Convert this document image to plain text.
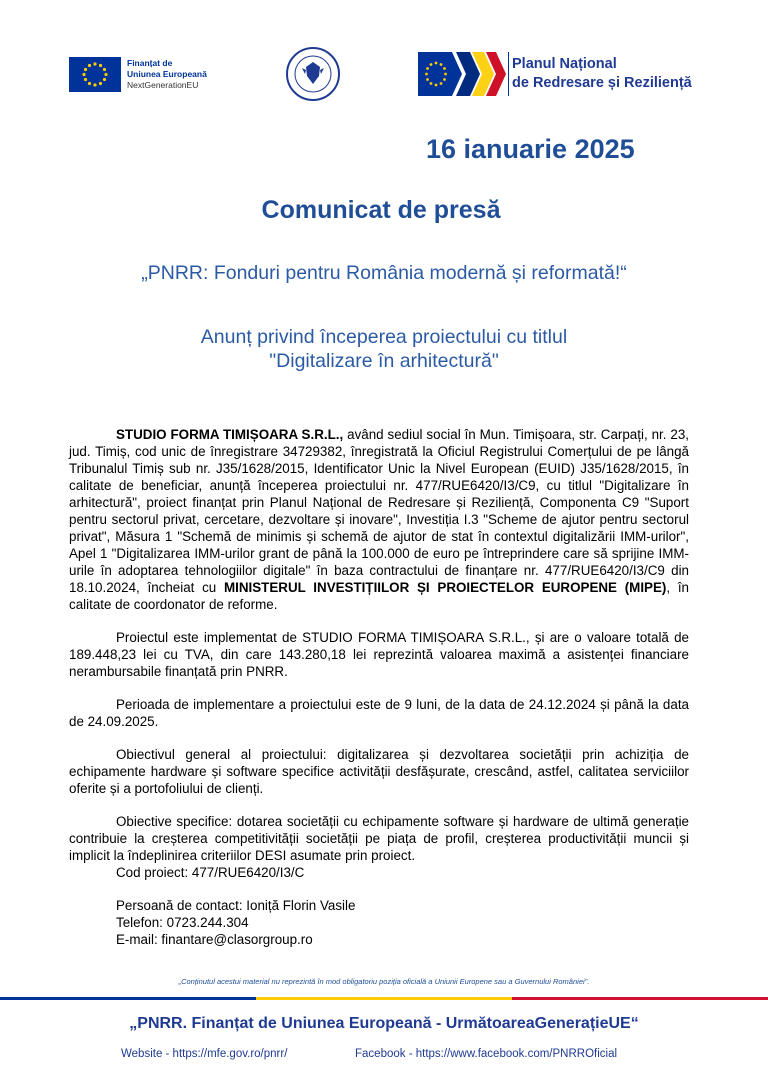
Finanțat de
Uniunea Europeană
NextGenerationEU
Planul Național
de Redresare și Reziliență
16 ianuarie 2025
Comunicat de presă
„PNRR: Fonduri pentru România modernă și reformată!“
Anunț privind începerea proiectului cu titlul
"Digitalizare în arhitectură"

STUDIO FORMA TIMIȘOARA S.R.L., având sediul social în Mun. Timișoara, str. Carpați, nr. 23, jud. Timiș, cod unic de înregistrare 34729382, înregistrată la Oficiul Registrului Comerțului de pe lângă Tribunalul Timiș sub nr. J35/1628/2015, Identificator Unic la Nivel European (EUID) J35/1628/2015, în calitate de beneficiar, anunță începerea proiectului nr. 477/RUE6420/I3/C9, cu titlul "Digitalizare în arhitectură", proiect finanțat prin Planul Național de Redresare și Reziliență, Componenta C9 "Suport pentru sectorul privat, cercetare, dezvoltare și inovare", Investiția I.3 "Scheme de ajutor pentru sectorul privat", Măsura 1 "Schemă de minimis și schemă de ajutor de stat în contextul digitalizării IMM-urilor", Apel 1 "Digitalizarea IMM-urilor grant de până la 100.000 de euro pe întreprindere care să sprijine IMM-urile în adoptarea tehnologiilor digitale" în baza contractului de finanțare nr. 477/RUE6420/I3/C9 din 18.10.2024, încheiat cu MINISTERUL INVESTIȚIILOR ȘI PROIECTELOR EUROPENE (MIPE), în calitate de coordonator de reforme.

Proiectul este implementat de STUDIO FORMA TIMIȘOARA S.R.L., și are o valoare totală de 189.448,23 lei cu TVA, din care 143.280,18 lei reprezintă valoarea maximă a asistenței financiare nerambursabile finanțată prin PNRR.

Perioada de implementare a proiectului este de 9 luni, de la data de 24.12.2024 și până la data de 24.09.2025.

Obiectivul general al proiectului: digitalizarea și dezvoltarea societății prin achiziția de echipamente hardware și software specifice activității desfășurate, crescând, astfel, calitatea serviciilor oferite și a portofoliului de clienți.

Obiective specifice: dotarea societății cu echipamente software și hardware de ultimă generație contribuie la creșterea competitivității societății pe piața de profil, creșterea productivității muncii și implicit la îndeplinirea criteriilor DESI asumate prin proiect.

Cod proiect: 477/RUE6420/I3/C
Persoană de contact: Ioniță Florin Vasile
Telefon: 0723.244.304
E-mail: finantare@clasorgroup.ro
„Conținutul acestui material nu reprezintă în mod obligatoriu poziția oficială a Uniunii Europene sau a Guvernului României".
„PNRR. Finanțat de Uniunea Europeană - UrmătoareaGenerațieUE“
Website - https://mfe.gov.ro/pnrr/	Facebook - https://www.facebook.com/PNRROficial
